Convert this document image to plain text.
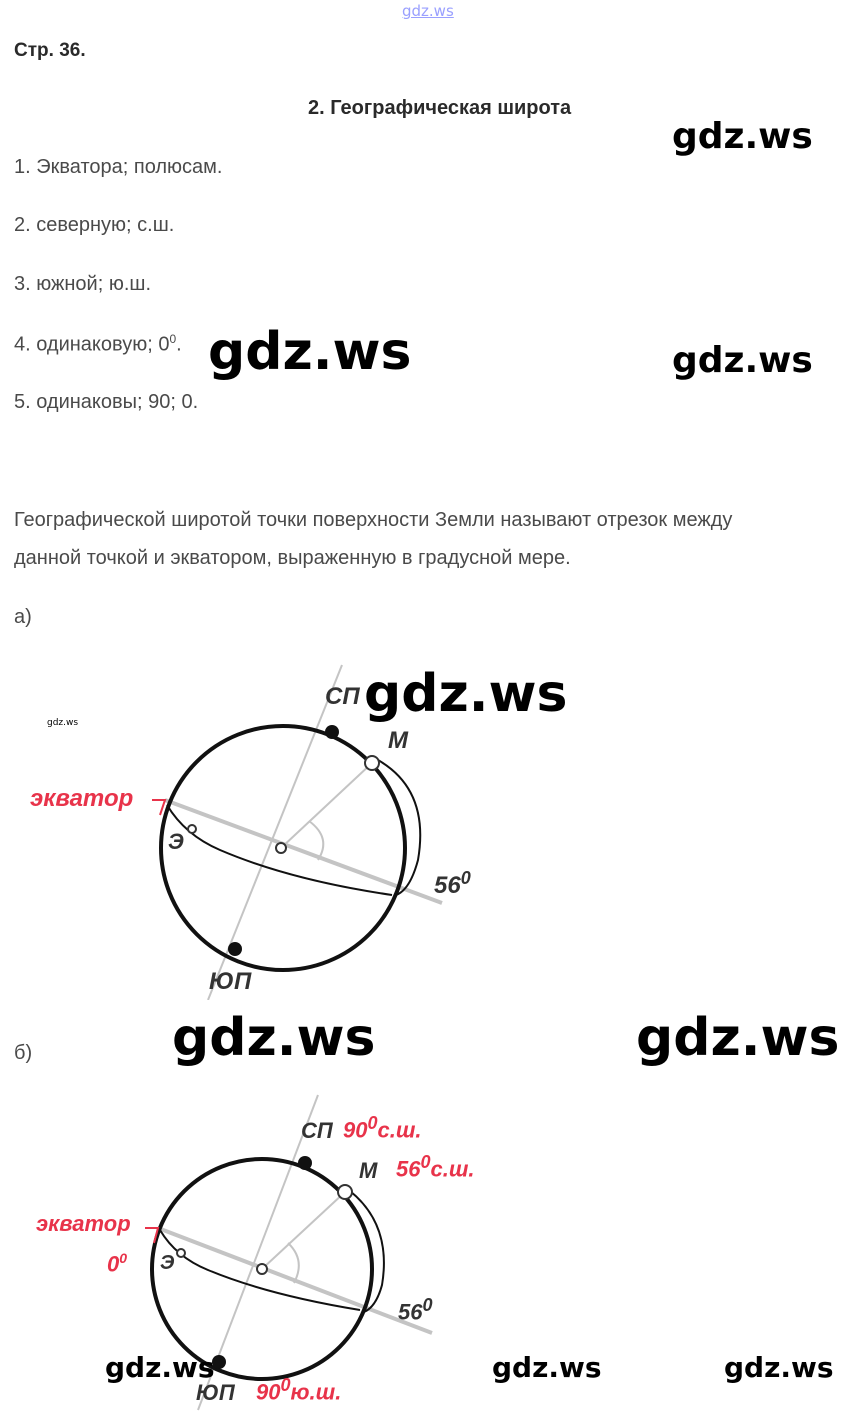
gdz.ws
Стр. 36.
2. Географическая широта
gdz.ws
1. Экватора; полюсам.
2. северную; с.ш.
3. южной; ю.ш.
4. одинаковую; $0^0$.
5. одинаковы; 90; 0.
gdz.ws	gdz.ws
Географической широтой точки поверхности Земли называют отрезок между
данной точкой и экватором, выраженную в градусной мере.
а)
СП gdz.ws
gdz.ws
М
экватор
Э
$56^0$
ЮП
б)	gdz.ws	gdz.ws
СП $90^0с.ш$.
М $56^0с.ш$.
экватор
Э
$0^0$
$56^0$
ЮП $90^0ю.ш$.
gdz.ws	gdz.ws	gdz.ws
